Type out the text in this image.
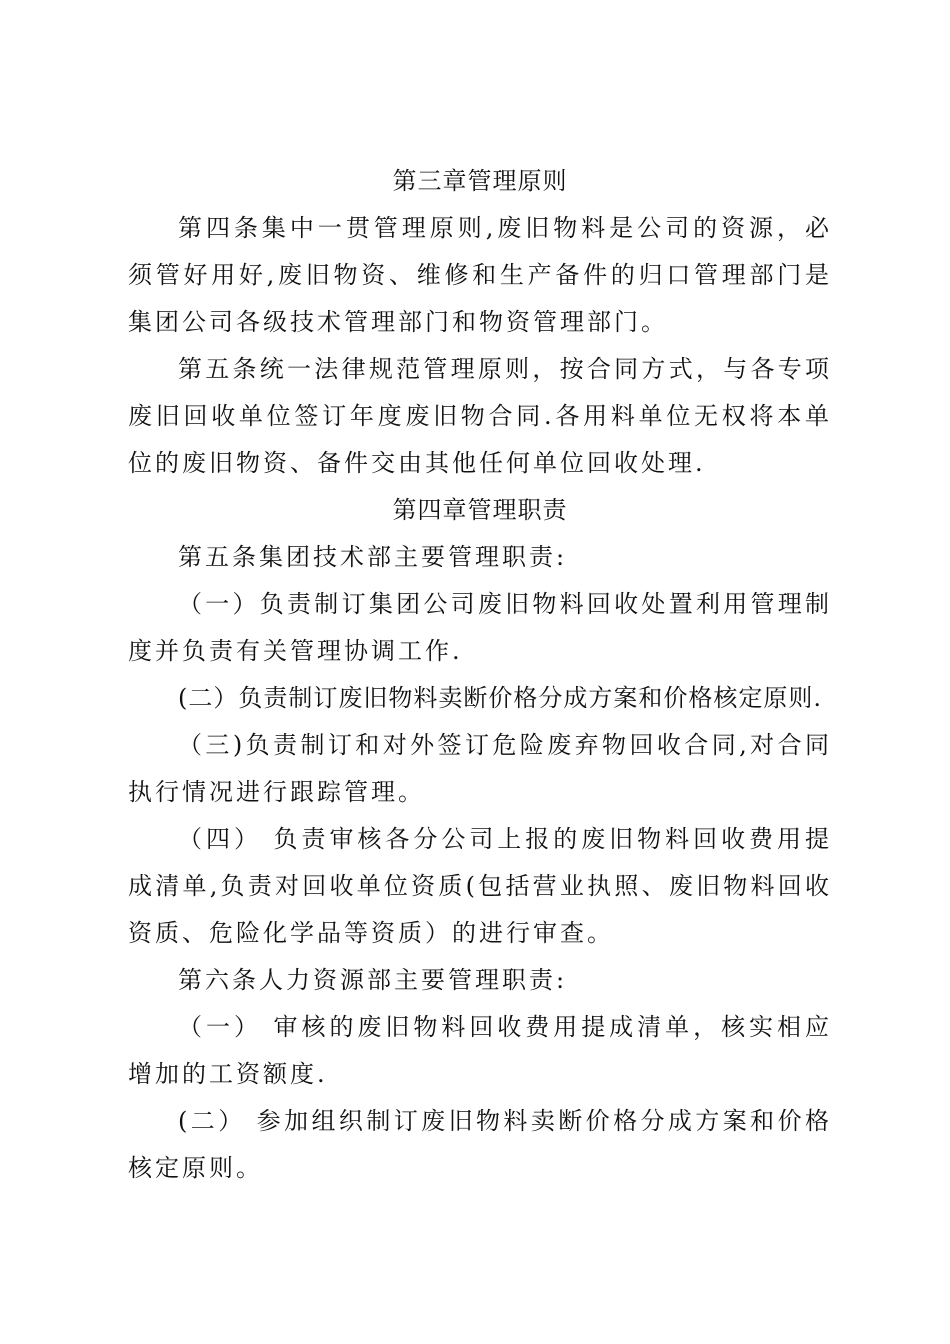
第三章管理原则

第四条集中一贯管理原则,废旧物料是公司的资源，必须管好用好,废旧物资、维修和生产备件的归口管理部门是集团公司各级技术管理部门和物资管理部门。

第五条统一法律规范管理原则，按合同方式，与各专项废旧回收单位签订年度废旧物合同.各用料单位无权将本单位的废旧物资、备件交由其他任何单位回收处理.

第四章管理职责

第五条集团技术部主要管理职责:

（一）负责制订集团公司废旧物料回收处置利用管理制度并负责有关管理协调工作.

(二）负责制订废旧物料卖断价格分成方案和价格核定原则.

（三)负责制订和对外签订危险废弃物回收合同,对合同执行情况进行跟踪管理。

（四） 负责审核各分公司上报的废旧物料回收费用提成清单,负责对回收单位资质(包括营业执照、废旧物料回收资质、危险化学品等资质）的进行审查。

第六条人力资源部主要管理职责:

（一） 审核的废旧物料回收费用提成清单，核实相应增加的工资额度.

(二） 参加组织制订废旧物料卖断价格分成方案和价格核定原则。
